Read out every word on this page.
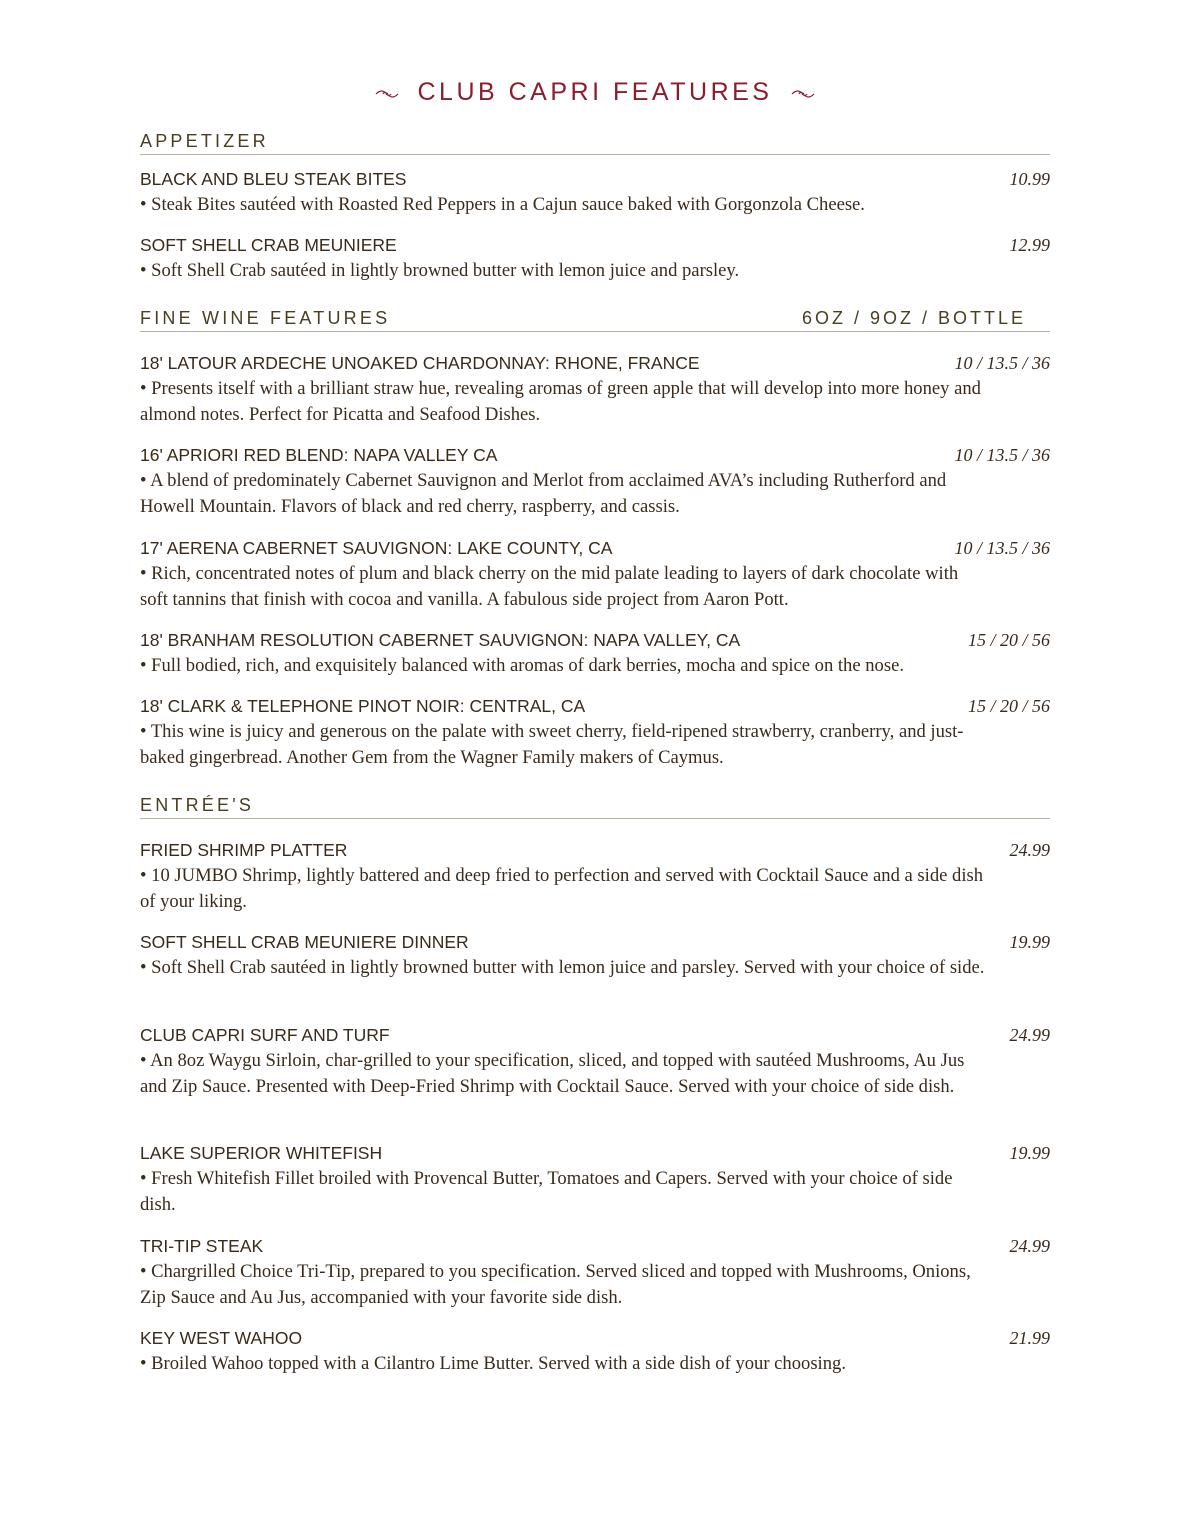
CLUB CAPRI FEATURES
APPETIZER
BLACK AND BLEU STEAK BITES	10.99
• Steak Bites sautéed with Roasted Red Peppers in a Cajun sauce baked with Gorgonzola Cheese.
SOFT SHELL CRAB MEUNIERE	12.99
• Soft Shell Crab sautéed in lightly browned butter with lemon juice and parsley.
FINE WINE FEATURES	6OZ / 9OZ / BOTTLE
18' LATOUR ARDECHE UNOAKED CHARDONNAY: RHONE, FRANCE	10 / 13.5 / 36
• Presents itself with a brilliant straw hue, revealing aromas of green apple that will develop into more honey and almond notes. Perfect for Picatta and Seafood Dishes.
16' APRIORI RED BLEND: NAPA VALLEY CA	10 / 13.5 / 36
• A blend of predominately Cabernet Sauvignon and Merlot from acclaimed AVA’s including Rutherford and Howell Mountain. Flavors of black and red cherry, raspberry, and cassis.
17' AERENA CABERNET SAUVIGNON: LAKE COUNTY, CA	10 / 13.5 / 36
• Rich, concentrated notes of plum and black cherry on the mid palate leading to layers of dark chocolate with soft tannins that finish with cocoa and vanilla. A fabulous side project from Aaron Pott.
18' BRANHAM RESOLUTION CABERNET SAUVIGNON: NAPA VALLEY, CA	15 / 20 / 56
• Full bodied, rich, and exquisitely balanced with aromas of dark berries, mocha and spice on the nose.
18' CLARK & TELEPHONE PINOT NOIR: CENTRAL, CA	15 / 20 / 56
• This wine is juicy and generous on the palate with sweet cherry, field-ripened strawberry, cranberry, and just-baked gingerbread. Another Gem from the Wagner Family makers of Caymus.
ENTRÉE'S
FRIED SHRIMP PLATTER	24.99
• 10 JUMBO Shrimp, lightly battered and deep fried to perfection and served with Cocktail Sauce and a side dish of your liking.
SOFT SHELL CRAB MEUNIERE DINNER	19.99
• Soft Shell Crab sautéed in lightly browned butter with lemon juice and parsley. Served with your choice of side.
CLUB CAPRI SURF AND TURF	24.99
• An 8oz Waygu Sirloin, char-grilled to your specification, sliced, and topped with sautéed Mushrooms, Au Jus and Zip Sauce. Presented with Deep-Fried Shrimp with Cocktail Sauce. Served with your choice of side dish.
LAKE SUPERIOR WHITEFISH	19.99
• Fresh Whitefish Fillet broiled with Provencal Butter, Tomatoes and Capers. Served with your choice of side dish.
TRI-TIP STEAK	24.99
• Chargrilled Choice Tri-Tip, prepared to you specification. Served sliced and topped with Mushrooms, Onions, Zip Sauce and Au Jus, accompanied with your favorite side dish.
KEY WEST WAHOO	21.99
• Broiled Wahoo topped with a Cilantro Lime Butter. Served with a side dish of your choosing.
